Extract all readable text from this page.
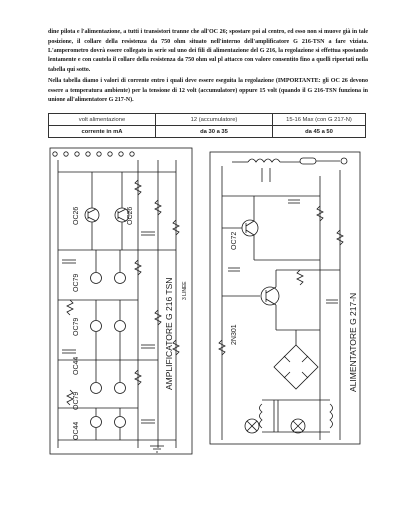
dine pilota e l'alimentazione, a tutti i transistori tranne che all'OC 26; spostare poi al centro, ed esso non si muove già in tale posizione, il collare della resistenza da 750 ohm situato nell'interno dell'amplificatore G 216-TSN a fare viziata. L'amperometro dovrà essere collegato in serie sul uno dei fili di alimentazione del G 216, la regolazione si effettua spostando lentamente e con cautela il collare della resistenza da 750 ohm sul pl attacco con valore consentito fino a quelli riportati nella tabella qui sotto.

Nella tabella diamo i valori di corrente entro i quali deve essere eseguita la regolazione (IMPORTANTE: gli OC 26 devono essere a temperatura ambiente) per la tensione di 12 volt (accumulatore) oppure 15 volt (quando il G 216-TSN funziona in unione all'alimentatore G 217-N).

volt alimentazione	12 (accumulatore)	15-16 Max (con G 217-N)
corrente in mA	da 30 a 35	da 45 a 50
OC26	OC26
OC79
OC79
OC44
OC79
OC44
AMPLIFICATORE G 216 TSN 3 LINEE
OC72
2N301	ALIMENTATORE G 217-N
